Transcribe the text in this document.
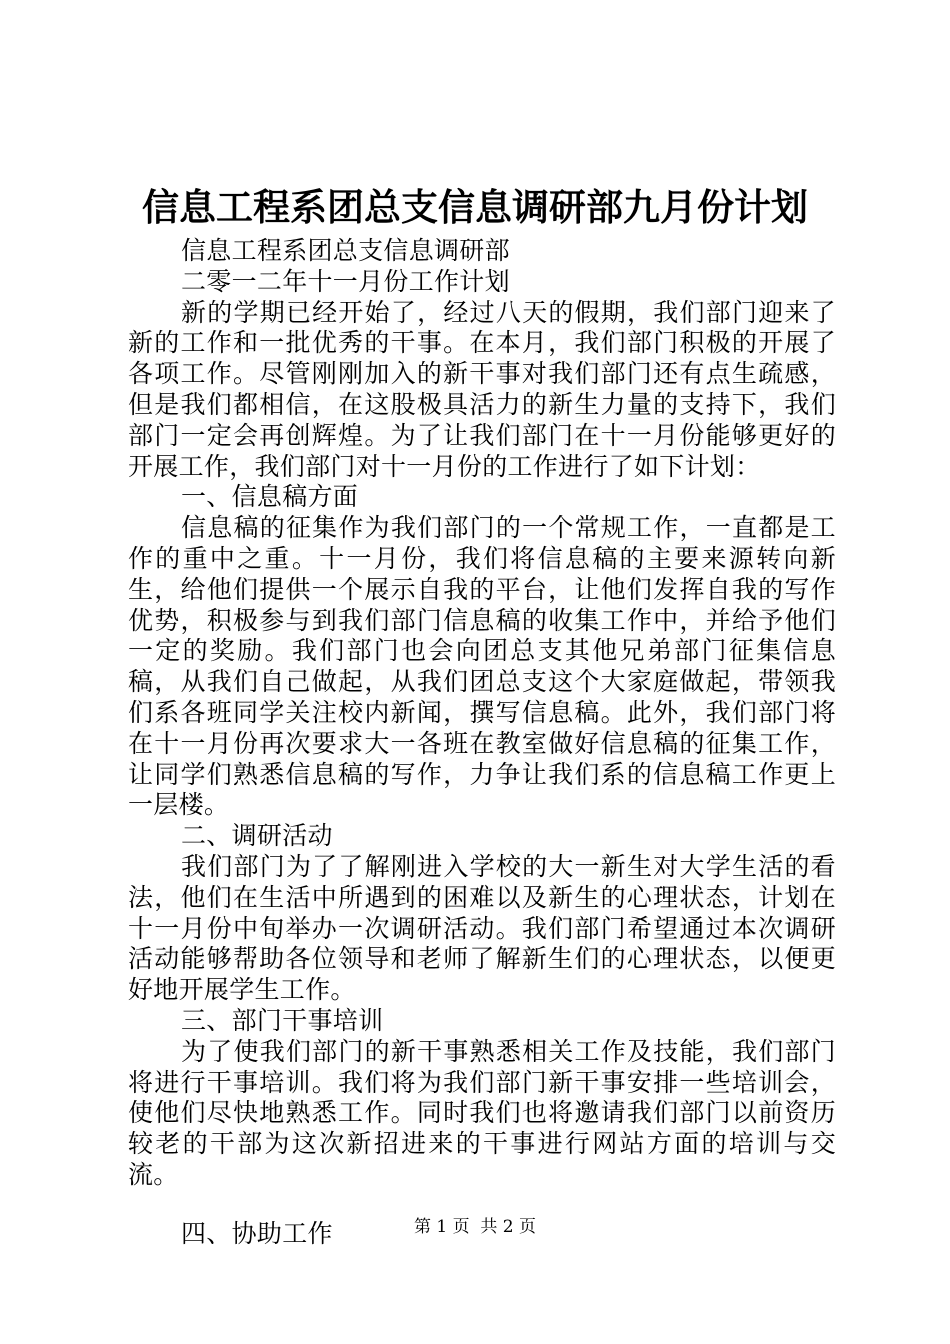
信息工程系团总支信息调研部九月份计划

信息工程系团总支信息调研部

二零一二年十一月份工作计划

新的学期已经开始了，经过八天的假期，我们部门迎来了新的工作和一批优秀的干事。在本月，我们部门积极的开展了各项工作。尽管刚刚加入的新干事对我们部门还有点生疏感，但是我们都相信，在这股极具活力的新生力量的支持下，我们部门一定会再创辉煌。为了让我们部门在十一月份能够更好的开展工作，我们部门对十一月份的工作进行了如下计划：

一、信息稿方面

信息稿的征集作为我们部门的一个常规工作，一直都是工作的重中之重。十一月份，我们将信息稿的主要来源转向新生，给他们提供一个展示自我的平台，让他们发挥自我的写作优势，积极参与到我们部门信息稿的收集工作中，并给予他们一定的奖励。我们部门也会向团总支其他兄弟部门征集信息稿，从我们自己做起，从我们团总支这个大家庭做起，带领我们系各班同学关注校内新闻，撰写信息稿。此外，我们部门将在十一月份再次要求大一各班在教室做好信息稿的征集工作，让同学们熟悉信息稿的写作，力争让我们系的信息稿工作更上一层楼。

二、调研活动

我们部门为了了解刚进入学校的大一新生对大学生活的看法，他们在生活中所遇到的困难以及新生的心理状态，计划在十一月份中旬举办一次调研活动。我们部门希望通过本次调研活动能够帮助各位领导和老师了解新生们的心理状态，以便更好地开展学生工作。

三、部门干事培训

为了使我们部门的新干事熟悉相关工作及技能，我们部门将进行干事培训。我们将为我们部门新干事安排一些培训会，使他们尽快地熟悉工作。同时我们也将邀请我们部门以前资历较老的干部为这次新招进来的干事进行网站方面的培训与交流。

四、协助工作	第 1 页  共 2 页
